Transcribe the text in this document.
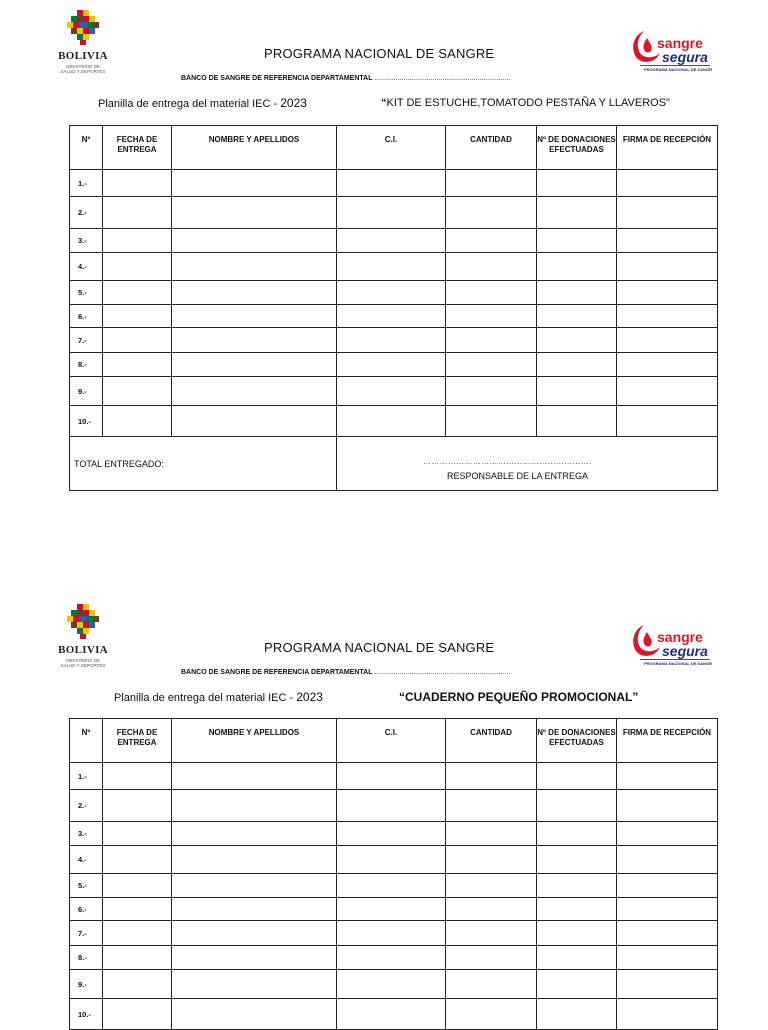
BOLIVIA
MINISTERIO DE
SALUD Y DEPORTES
PROGRAMA NACIONAL DE SANGRE
sangre
segura
PROGRAMA NACIONAL DE SANGRE
BANCO DE SANGRE DE REFERENCIA DEPARTAMENTAL ......................................................................
Planilla de entrega del material IEC - 2023	“KIT DE ESTUCHE,TOMATODO PESTAÑA Y LLAVEROS"
Nº	FECHA DE ENTREGA	NOMBRE Y APELLIDOS	C.I.	CANTIDAD	Nº DE DONACIONES EFECTUADAS	FIRMA DE RECEPCIÓN
1.-						
2.-						
3.-						
4.-						
5.-						
6.-						
7.-						
8.-						
9.-						
10.-						
TOTAL ENTREGADO:			…………………………………………………….
RESPONSABLE DE LA ENTREGA			
BOLIVIA
MINISTERIO DE
SALUD Y DEPORTES
PROGRAMA NACIONAL DE SANGRE
sangre
segura
PROGRAMA NACIONAL DE SANGRE
BANCO DE SANGRE DE REFERENCIA DEPARTAMENTAL ......................................................................
Planilla de entrega del material IEC - 2023	“CUADERNO PEQUEÑO PROMOCIONAL”
Nº	FECHA DE ENTREGA	NOMBRE Y APELLIDOS	C.I.	CANTIDAD	Nº DE DONACIONES EFECTUADAS	FIRMA DE RECEPCIÓN
1.-						
2.-						
3.-						
4.-						
5.-						
6.-						
7.-						
8.-						
9.-						
10.-						
